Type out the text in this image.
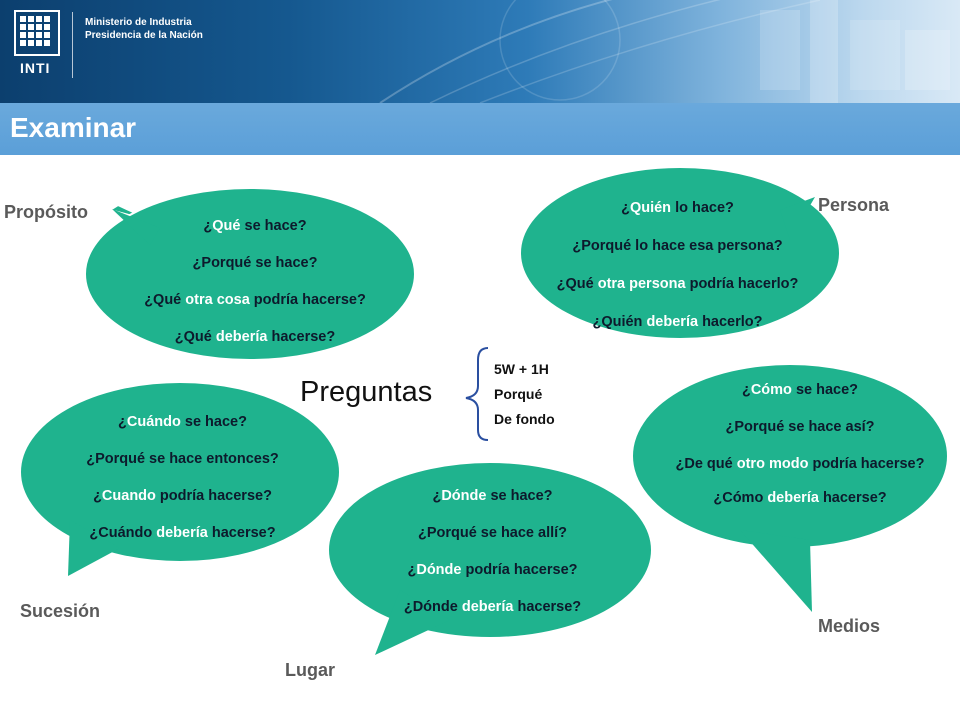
INTI
Ministerio de Industria
Presidencia de la Nación
Examinar
¿Qué se hace?
¿Porqué se hace?
¿Qué otra cosa podría hacerse?
¿Qué debería hacerse?
¿Quién lo hace?
¿Porqué lo hace esa persona?
¿Qué otra persona podría hacerlo?
¿Quién debería hacerlo?
¿Cuándo se hace?
¿Porqué se hace entonces?
¿Cuando podría hacerse?
¿Cuándo debería hacerse?
¿Dónde se hace?
¿Porqué se hace allí?
¿Dónde podría hacerse?
¿Dónde debería hacerse?
¿Cómo se hace?
¿Porqué se hace así?
¿De qué otro modo podría hacerse?
¿Cómo debería hacerse?
Propósito	Persona
Sucesión
Lugar
Medios
Preguntas
5W + 1H
Porqué
De fondo
